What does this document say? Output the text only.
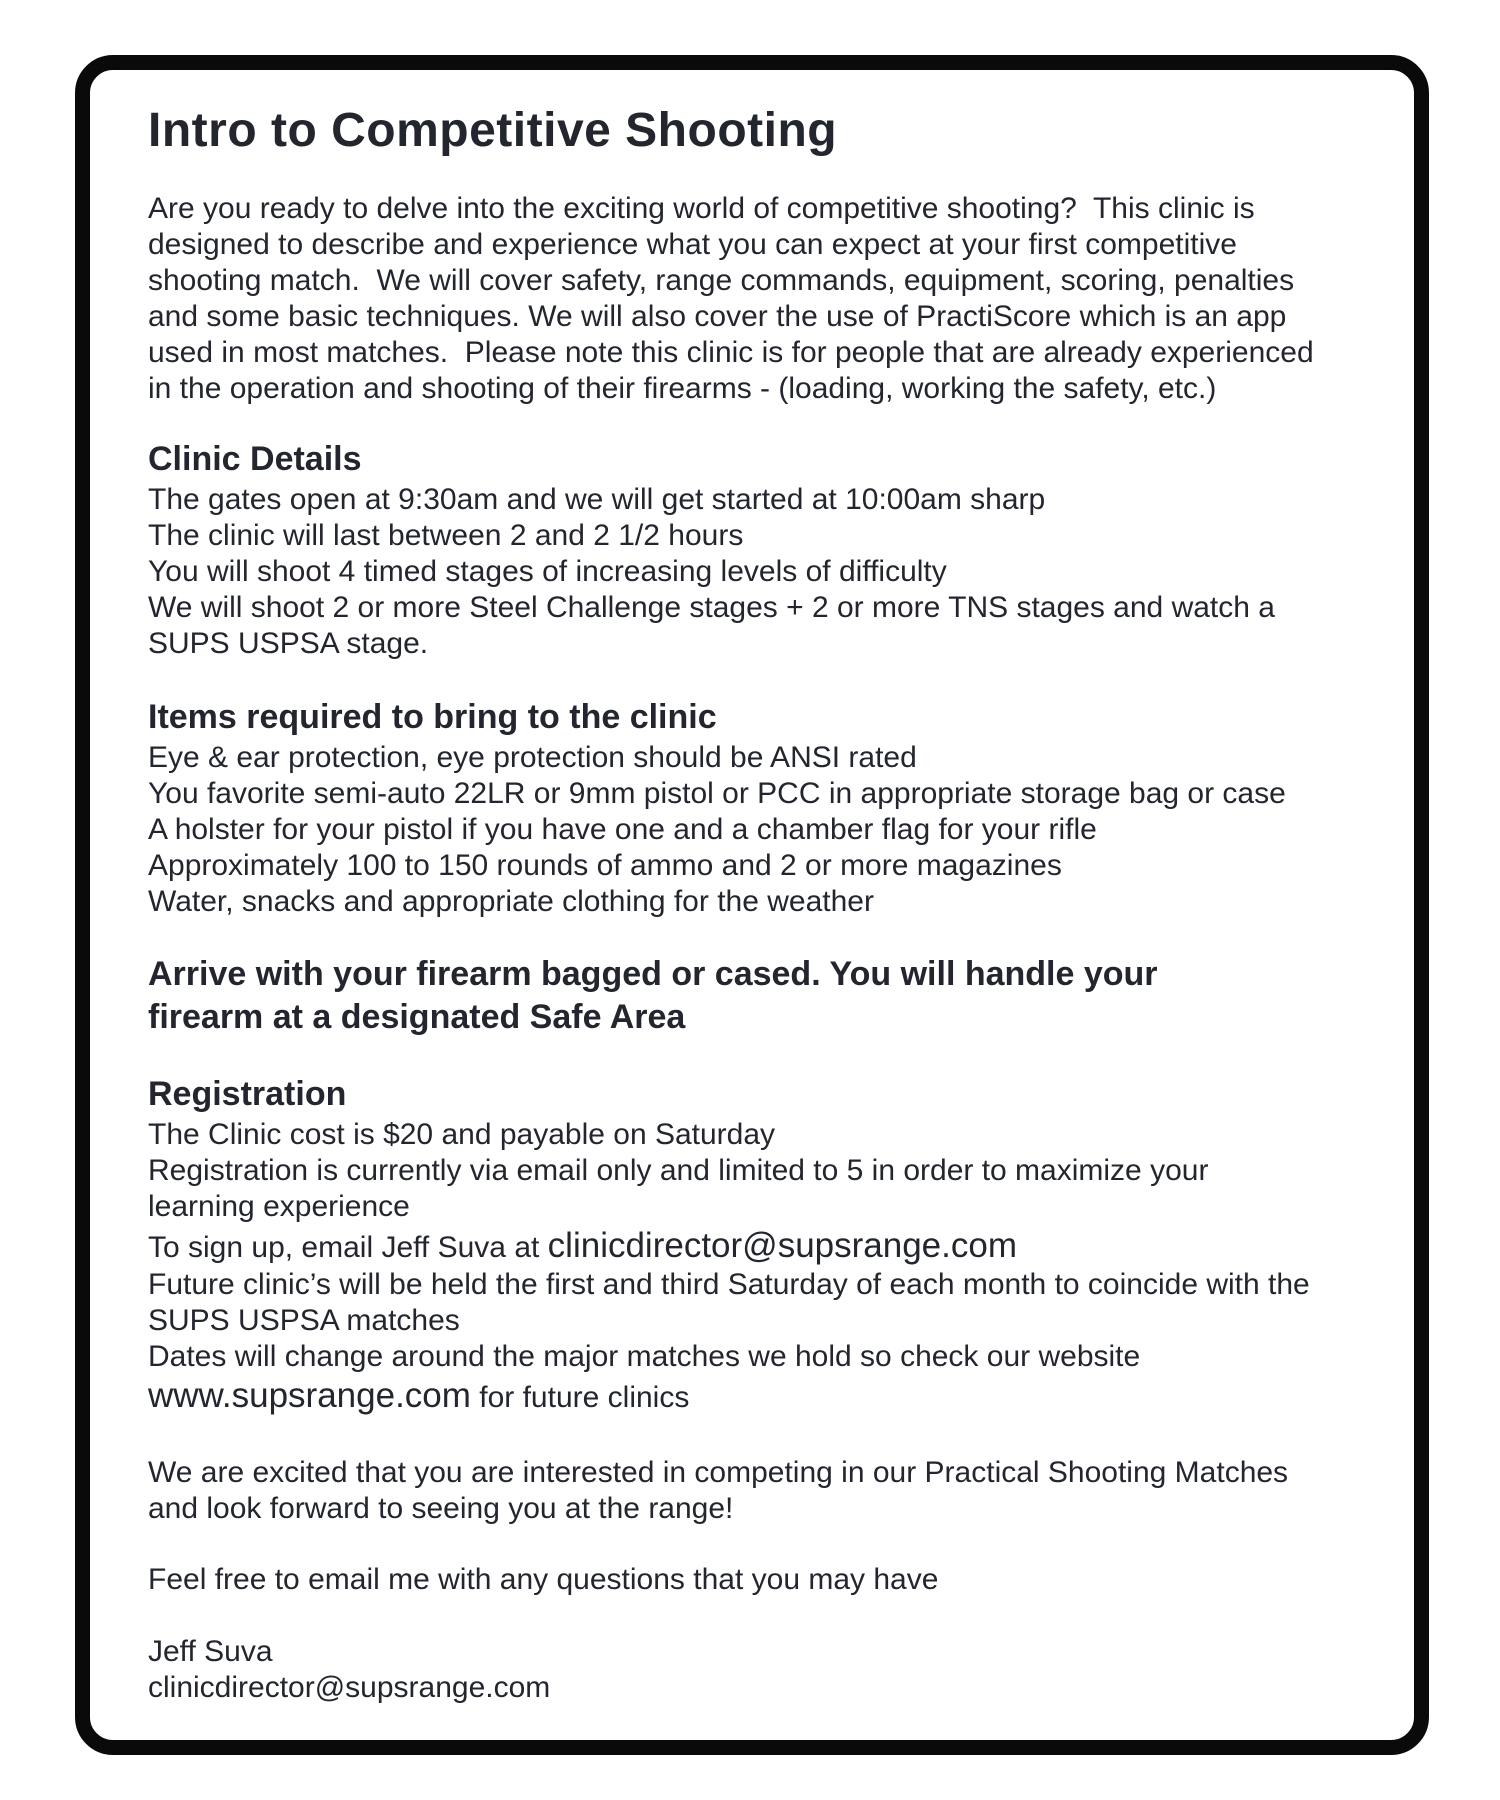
Intro to Competitive Shooting
Are you ready to delve into the exciting world of competitive shooting?  This clinic is
designed to describe and experience what you can expect at your first competitive
shooting match.  We will cover safety, range commands, equipment, scoring, penalties
and some basic techniques. We will also cover the use of PractiScore which is an app
used in most matches.  Please note this clinic is for people that are already experienced
in the operation and shooting of their firearms - (loading, working the safety, etc.)
Clinic Details
The gates open at 9:30am and we will get started at 10:00am sharp
The clinic will last between 2 and 2 1/2 hours
You will shoot 4 timed stages of increasing levels of difficulty
We will shoot 2 or more Steel Challenge stages + 2 or more TNS stages and watch a
SUPS USPSA stage.
Items required to bring to the clinic
Eye & ear protection, eye protection should be ANSI rated
You favorite semi-auto 22LR or 9mm pistol or PCC in appropriate storage bag or case
A holster for your pistol if you have one and a chamber flag for your rifle
Approximately 100 to 150 rounds of ammo and 2 or more magazines
Water, snacks and appropriate clothing for the weather
Arrive with your firearm bagged or cased. You will handle your
firearm at a designated Safe Area
Registration
The Clinic cost is $20 and payable on Saturday
Registration is currently via email only and limited to 5 in order to maximize your
learning experience
To sign up, email Jeff Suva at clinicdirector@supsrange.com
Future clinic’s will be held the first and third Saturday of each month to coincide with the
SUPS USPSA matches
Dates will change around the major matches we hold so check our website
www.supsrange.com for future clinics
We are excited that you are interested in competing in our Practical Shooting Matches
and look forward to seeing you at the range!
Feel free to email me with any questions that you may have
Jeff Suva
clinicdirector@supsrange.com
